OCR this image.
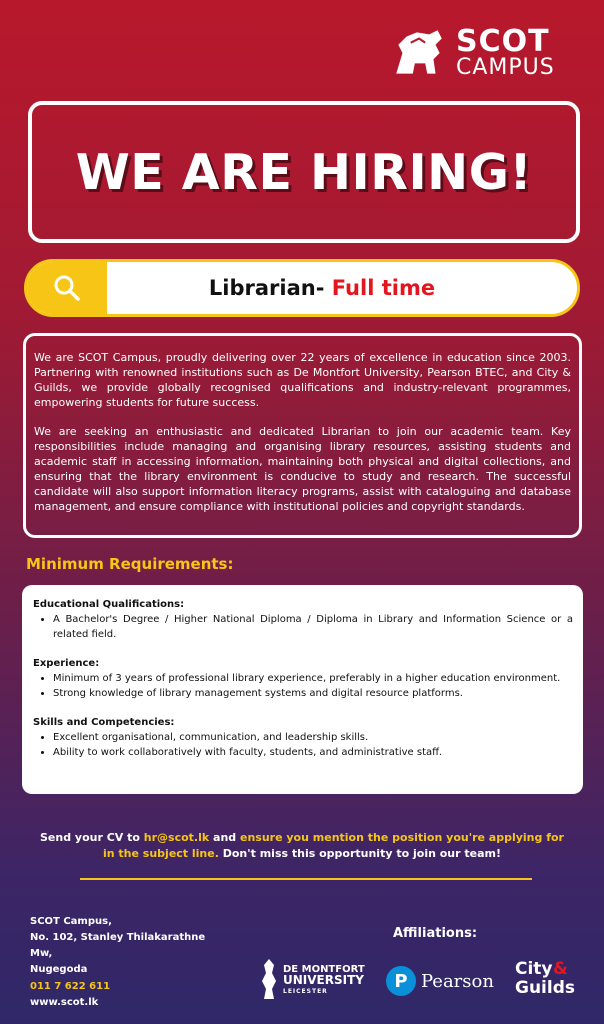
SCOT
CAMPUS
WE ARE HIRING!
Librarian- Full time

We are SCOT Campus, proudly delivering over 22 years of excellence in education since 2003. Partnering with renowned institutions such as De Montfort University, Pearson BTEC, and City & Guilds, we provide globally recognised qualifications and industry-relevant programmes, empowering students for future success.

We are seeking an enthusiastic and dedicated Librarian to join our academic team. Key responsibilities include managing and organising library resources, assisting students and academic staff in accessing information, maintaining both physical and digital collections, and ensuring that the library environment is conducive to study and research. The successful candidate will also support information literacy programs, assist with cataloguing and database management, and ensure compliance with institutional policies and copyright standards.

Minimum Requirements:
Educational Qualifications:
• A Bachelor's Degree / Higher National Diploma / Diploma in Library and Information Science or a related field.
Experience:
• Minimum of 3 years of professional library experience, preferably in a higher education environment.
• Strong knowledge of library management systems and digital resource platforms.
Skills and Competencies:
• Excellent organisational, communication, and leadership skills.
• Ability to work collaboratively with faculty, students, and administrative staff.
Send your CV to hr@scot.lk and ensure you mention the position you're applying for in the subject line. Don't miss this opportunity to join our team!
SCOT Campus,
No. 102, Stanley Thilakarathne Mw,
Nugegoda
011 7 622 611
www.scot.lk
Affiliations:
DE MONTFORT
UNIVERSITY
LEICESTER	P Pearson
City &
Guilds
